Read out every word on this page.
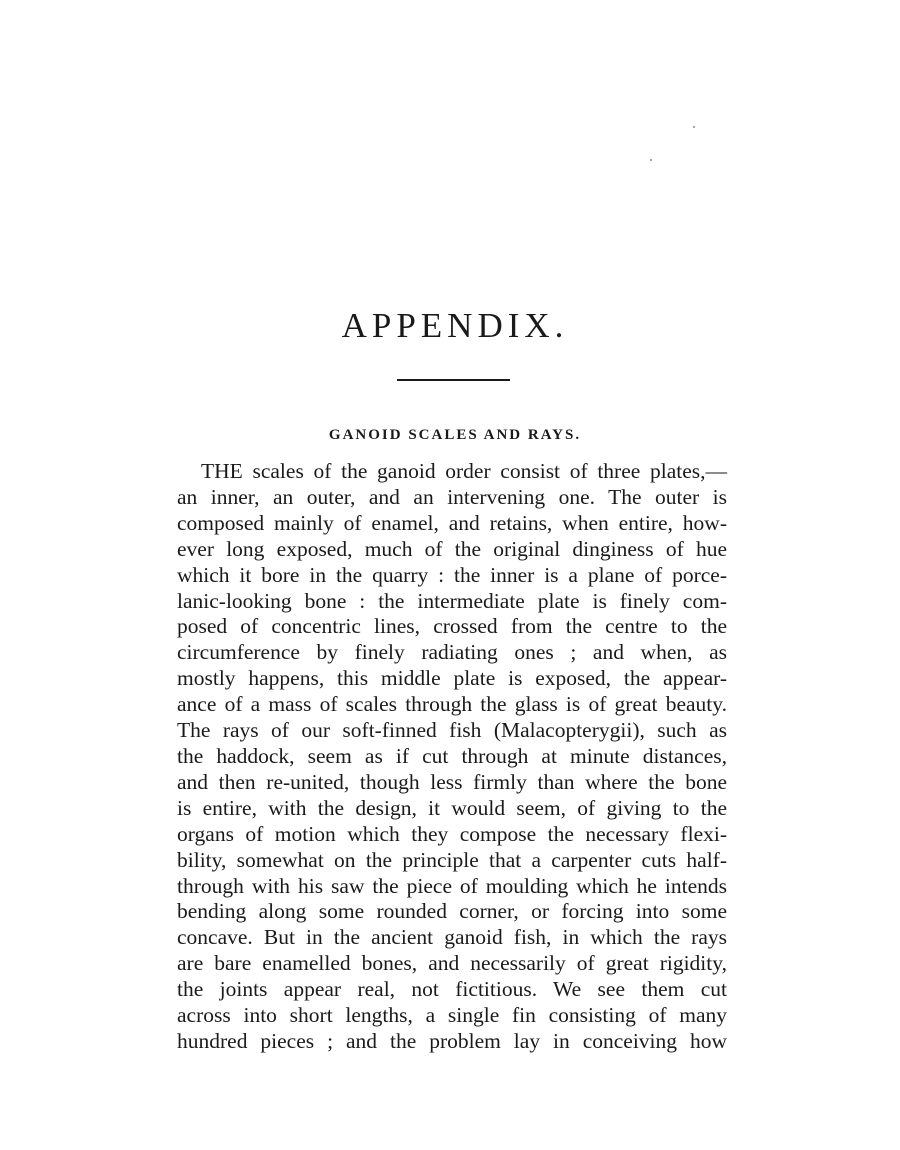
APPENDIX.
GANOID SCALES AND RAYS.
THE scales of the ganoid order consist of three plates,—
an inner, an outer, and an intervening one. The outer is
composed mainly of enamel, and retains, when entire, how-
ever long exposed, much of the original dinginess of hue
which it bore in the quarry : the inner is a plane of porce-
lanic-looking bone : the intermediate plate is finely com-
posed of concentric lines, crossed from the centre to the
circumference by finely radiating ones ; and when, as
mostly happens, this middle plate is exposed, the appear-
ance of a mass of scales through the glass is of great beauty.
The rays of our soft-finned fish (Malacopterygii), such as
the haddock, seem as if cut through at minute distances,
and then re-united, though less firmly than where the bone
is entire, with the design, it would seem, of giving to the
organs of motion which they compose the necessary flexi-
bility, somewhat on the principle that a carpenter cuts half-
through with his saw the piece of moulding which he intends
bending along some rounded corner, or forcing into some
concave. But in the ancient ganoid fish, in which the rays
are bare enamelled bones, and necessarily of great rigidity,
the joints appear real, not fictitious. We see them cut
across into short lengths, a single fin consisting of many
hundred pieces ; and the problem lay in conceiving how
